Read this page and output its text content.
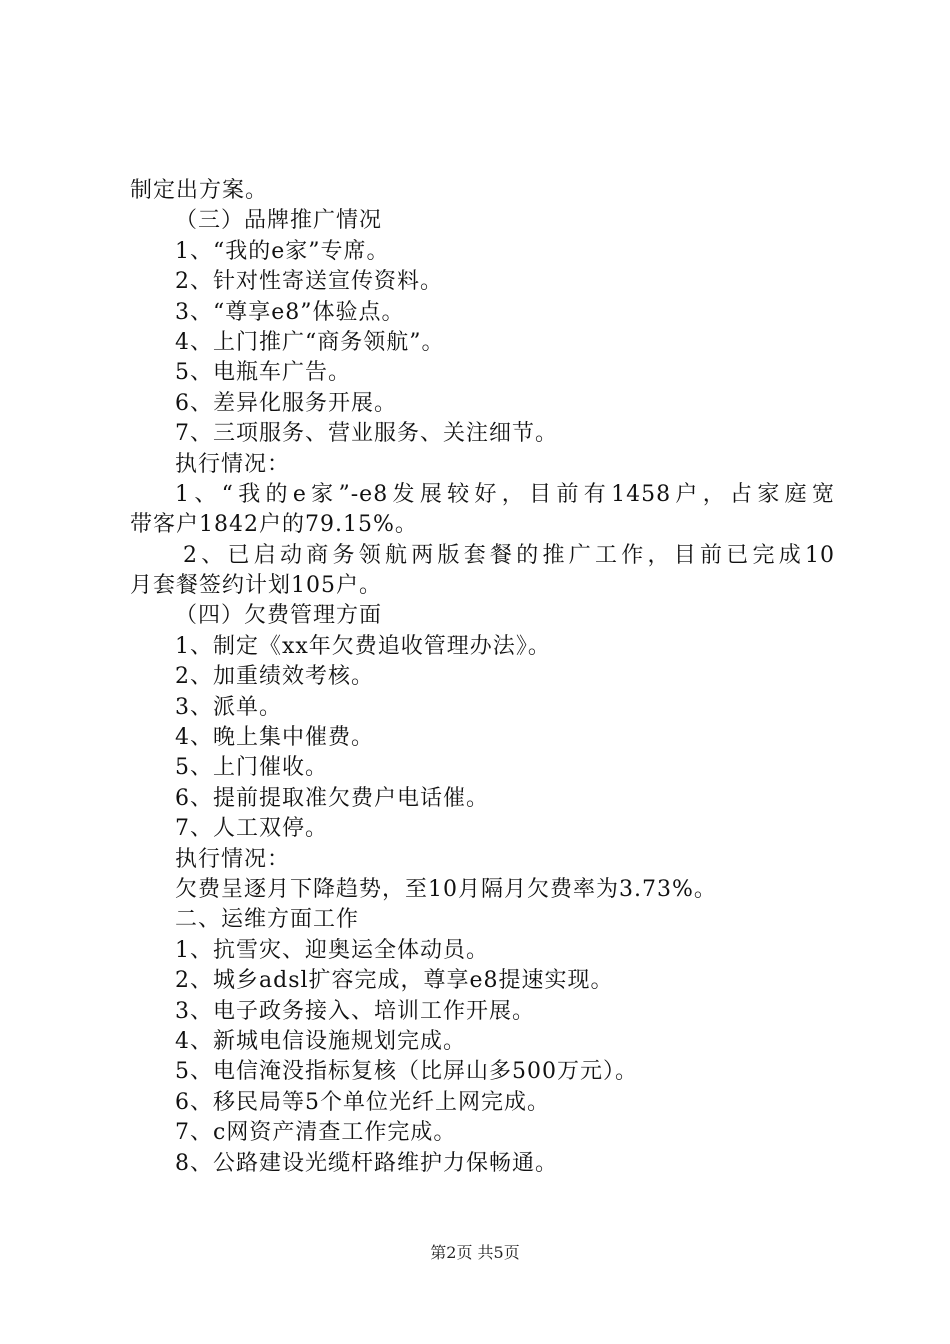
制定出方案。
（三）品牌推广情况
1、“我的e家”专席。
2、针对性寄送宣传资料。
3、“尊享e8”体验点。
4、上门推广“商务领航”。
5、电瓶车广告。
6、差异化服务开展。
7、三项服务、营业服务、关注细节。
执行情况：
1、“我的e家”-e8发展较好，目前有1458户，占家庭宽
带客户1842户的79.15%。
2、已启动商务领航两版套餐的推广工作，目前已完成10
月套餐签约计划105户。
（四）欠费管理方面
1、制定《xx年欠费追收管理办法》。
2、加重绩效考核。
3、派单。
4、晚上集中催费。
5、上门催收。
6、提前提取准欠费户电话催。
7、人工双停。
执行情况：
欠费呈逐月下降趋势，至10月隔月欠费率为3.73%。
二、运维方面工作
1、抗雪灾、迎奥运全体动员。
2、城乡adsl扩容完成，尊享e8提速实现。
3、电子政务接入、培训工作开展。
4、新城电信设施规划完成。
5、电信淹没指标复核（比屏山多500万元）。
6、移民局等5个单位光纤上网完成。
7、c网资产清查工作完成。
8、公路建设光缆杆路维护力保畅通。
第2页 共5页
